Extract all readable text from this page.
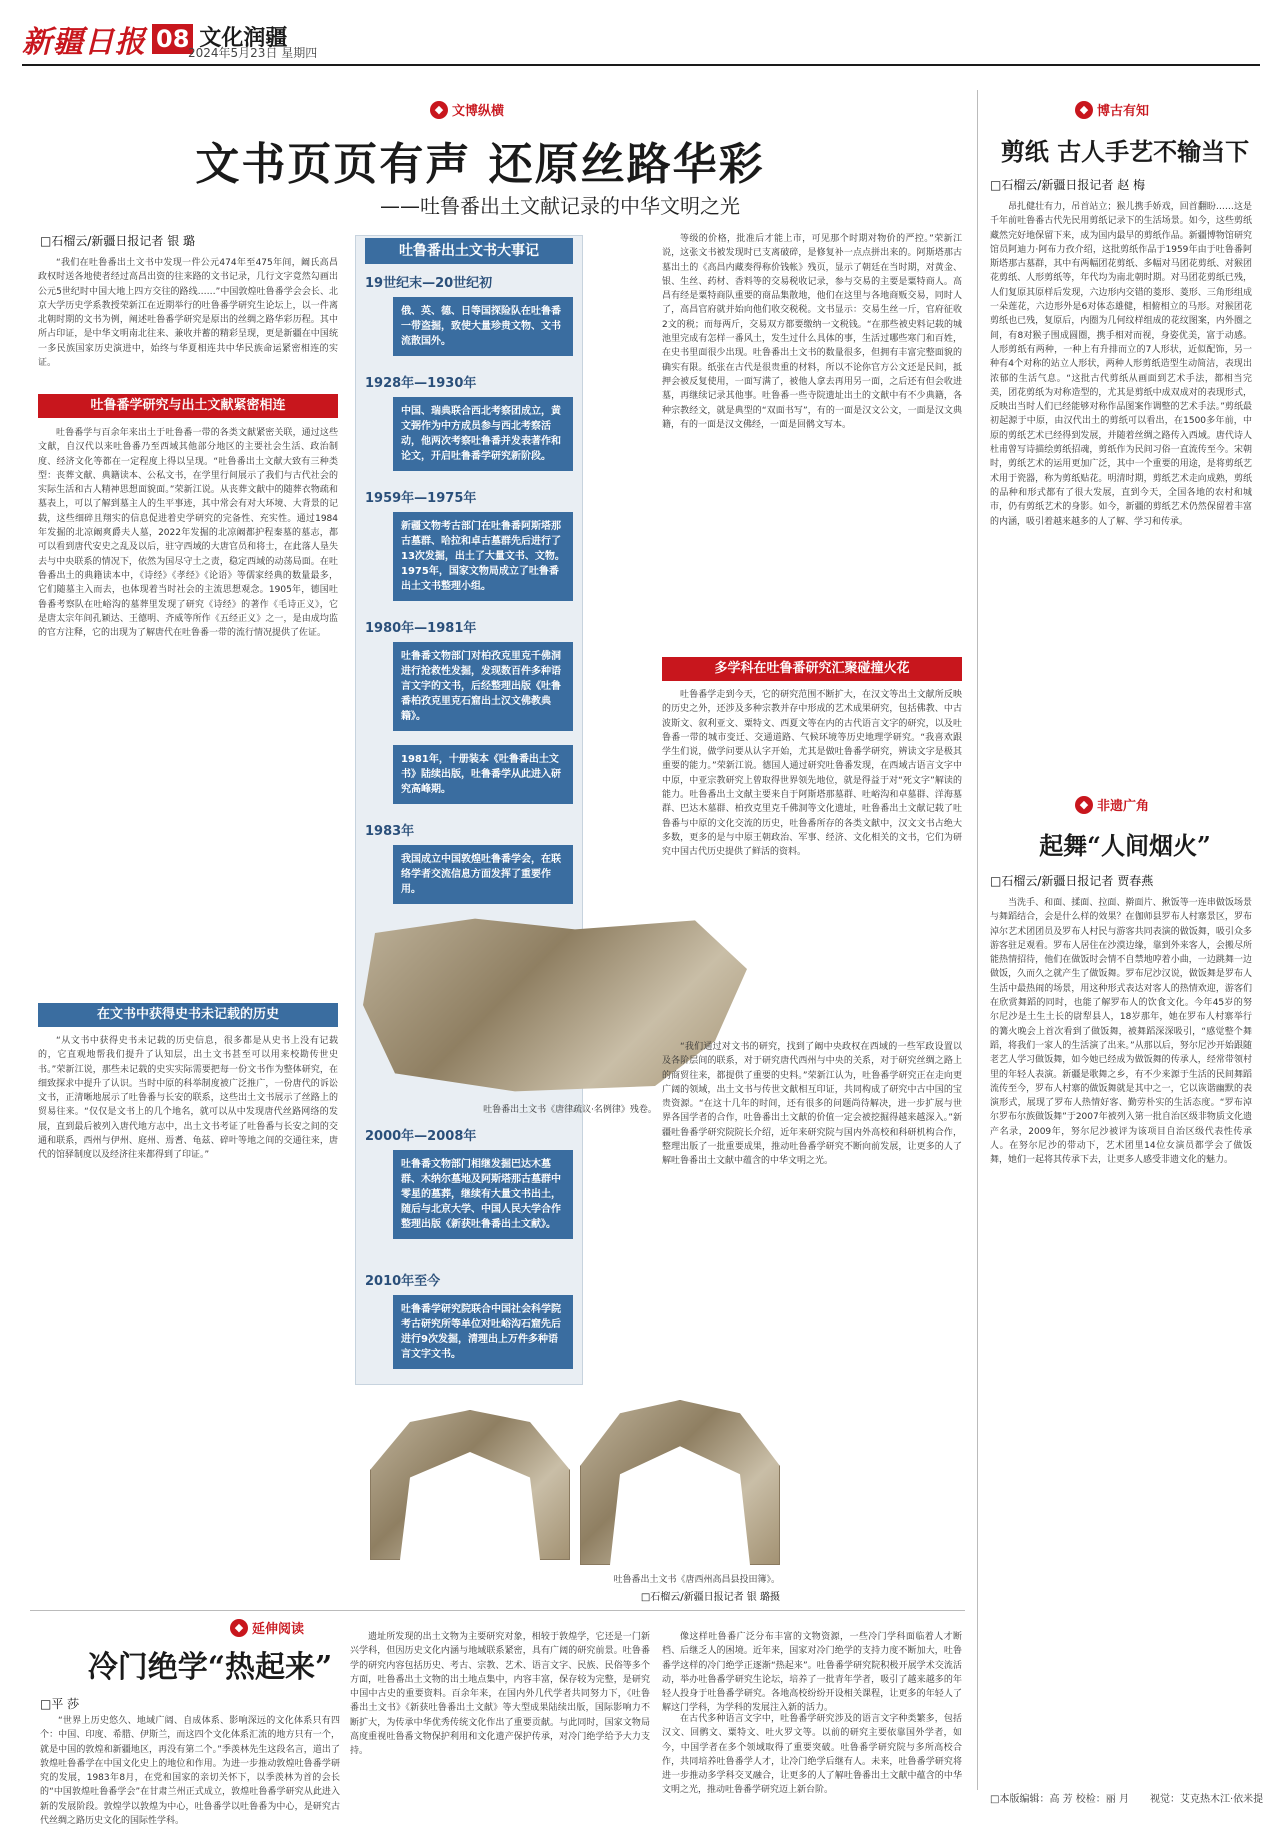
新疆日报 08 文化润疆
2024年5月23日 星期四
◆ 文博纵横
文书页页有声 还原丝路华彩
——吐鲁番出土文献记录的中华文明之光
□石榴云/新疆日报记者 银 璐

“我们在吐鲁番出土文书中发现一件公元474年至475年间，阚氏高昌政权时送各地使者经过高昌出资的往来路的文书记录，几行文字竟然勾画出公元5世纪时中国大地上四方交往的路线……”中国敦煌吐鲁番学会会长、北京大学历史学系教授荣新江在近期举行的吐鲁番学研究生论坛上，以一件离北朝时期的文书为例，阐述吐鲁番学研究是原出的丝绸之路华彩历程。其中所占印证，是中华文明南北往来、兼收并蓄的精彩呈现，更是新疆在中国统一多民族国家历史演进中，始终与华夏相连共中华民族命运紧密相连的实证。

吐鲁番学研究与出土文献紧密相连

吐鲁番学与百余年来出土于吐鲁番一带的各类文献紧密关联，通过这些文献，自汉代以来吐鲁番乃至西域其他部分地区的主要社会生活、政治制度、经济文化等都在一定程度上得以呈现。“吐鲁番出土文献大致有三种类型：丧葬文献、典籍读本、公私文书，在学里行间展示了我们与古代社会的实际生活和古人精神思想面貌面。”荣新江说。从丧葬文献中的随葬衣物疏和墓表上，可以了解到墓主人的生平事迹，其中常会有对大环境、大背景的记载，这些细碎且翔实的信息促进着史学研究的完备性、充实性。通过1984年发掘的北凉阚爽爵夫人墓，2022年发掘的北凉阚都护程秦墓的墓志，都可以看到唐代安史之乱及以后，驻守西域的大唐官员和将士，在此落人垦失去与中央联系的情况下，依然为国尽守土之责，稳定西域的动荡局面。在吐鲁番出土的典籍读本中，《诗经》《孝经》《论语》等儒家经典的数量最多，它们随墓主入而去，也体现着当时社会的主流思想观念。1905年，德国吐鲁番考察队在吐峪沟的墓葬里发现了研究《诗经》的著作《毛诗正义》，它是唐太宗年间孔颖达、王德明、齐威等所作《五经正义》之一，是由成均监的官方注释，它的出现为了解唐代在吐鲁番一带的流行情况提供了佐证。

在文书中获得史书未记载的历史

“从文书中获得史书未记载的历史信息，很多都是从史书上没有记载的，它直观地帮我们提升了认知层，出土文书甚至可以用来校勘传世史书。”荣新江说，那些未记载的史实实际需要把每一份文书作为整体研究，在细致探求中提升了认识。当时中原的科举制度被广泛推广，一份唐代的诉讼文书，正清晰地展示了吐鲁番与长安的联系，这些出土文书展示了丝路上的贸易往来。“仅仅是文书上的几个地名，就可以从中发现唐代丝路网络的发展，直到最后被列入唐代地方志中，出土文书考证了吐鲁番与长安之间的交通和联系，西州与伊州、庭州、焉耆、龟兹、碎叶等地之间的交通往来，唐代的馆驿制度以及经济往来都得到了印证。”

吐鲁番出土文书大事记
19世纪末—20世纪初
俄、英、德、日等国探险队在吐鲁番一带盗掘，致使大量珍贵文物、文书流散国外。
1928年—1930年
中国、瑞典联合西北考察团成立，黄文弼作为中方成员参与西北考察活动，他两次考察吐鲁番并发表著作和论文，开启吐鲁番学研究新阶段。
1959年—1975年
新疆文物考古部门在吐鲁番阿斯塔那古墓群、哈拉和卓古墓群先后进行了13次发掘，出土了大量文书、文物。1975年，国家文物局成立了吐鲁番出土文书整理小组。
1980年—1981年
吐鲁番文物部门对柏孜克里克千佛洞进行抢救性发掘，发现数百件多种语言文字的文书，后经整理出版《吐鲁番柏孜克里克石窟出土汉文佛教典籍》。
1981年，十册装本《吐鲁番出土文书》陆续出版，吐鲁番学从此进入研究高峰期。
1983年
我国成立中国敦煌吐鲁番学会，在联络学者交流信息方面发挥了重要作用。
吐鲁番出土文书《唐律疏议·名例律》残卷。
2000年—2008年
吐鲁番文物部门相继发掘巴达木墓群、木纳尔墓地及阿斯塔那古墓群中零星的墓葬，继续有大量文书出土，随后与北京大学、中国人民大学合作整理出版《新获吐鲁番出土文献》。
2010年至今
吐鲁番学研究院联合中国社会科学院考古研究所等单位对吐峪沟石窟先后进行9次发掘，清理出上万件多种语言文字文书。
吐鲁番出土文书《唐西州高昌县投田簿》。
□石榴云/新疆日报记者 银 璐摄

等级的价格，批准后才能上市，可见那个时期对物价的严控。”荣新江说，这张文书被发现时已支离破碎，是修复补一点点拼出来的。阿斯塔那古墓出土的《高昌内藏奏得称价钱帐》残页，显示了朝廷在当时期，对黄金、银、生丝、药材、香料等的交易税收记录，参与交易的主要是粟特商人。高昌有经是粟特商队重要的商品集散地，他们在这里与各地商贩交易，同时人了，高昌官府就并始向他们收交税税。文书显示：交易生丝一斤，官府征收2文的税；而每两斤，交易双方都要缴纳一文税钱。“在那些被史料记载的城池里完成有怎样一番风土，发生过什么具体的事，生活过哪些寒门和百姓，在史书里面很少出现。吐鲁番出土文书的数量很多，但拥有丰富完整面貌的确实有限。纸张在古代是很贵重的材料，所以不论你官方公文还是民间，抵押会被反复使用，一面写满了，被他人拿去再用另一面，之后还有但会收进墓，再继续记录其他事。吐鲁番一些寺院遗址出土的文献中有不少典籍，各种宗教经文，就是典型的“双面书写”，有的一面是汉文公文，一面是汉文典籍，有的一面是汉文佛经，一面是回鹘文写本。

多学科在吐鲁番研究汇聚碰撞火花

吐鲁番学走到今天，它的研究范围不断扩大，在汉文等出土文献所反映的历史之外，还涉及多种宗教并存中形成的艺术成果研究，包括佛教、中古波斯文、叙利亚文、粟特文、西夏文等在内的古代语言文字的研究，以及吐鲁番一带的城市变迁、交通道路、气候环境等历史地理学研究。“我喜欢跟学生们说，做学问要从认字开始，尤其是做吐鲁番学研究，辨读文字是极其重要的能力。”荣新江说。德国人通过研究吐鲁番发现，在西域古语言文字中中原，中亚宗教研究上曾取得世界领先地位，就是得益于对“死文字”解读的能力。吐鲁番出土文献主要来自于阿斯塔那墓群、吐峪沟和卓墓群、洋海墓群、巴达木墓群、柏孜克里克千佛洞等文化遗址，吐鲁番出土文献记载了吐鲁番与中原的文化交流的历史，吐鲁番所存的各类文献中，汉文文书占绝大多数，更多的是与中原王朝政治、军事、经济、文化相关的文书，它们为研究中国古代历史提供了鲜活的资料。

“我们通过对文书的研究，找到了阚中央政权在西域的一些军政设置以及各阶层间的联系，对于研究唐代西州与中央的关系，对于研究丝绸之路上的商贸往来，都提供了重要的史料。”荣新江认为，吐鲁番学研究正在走向更广阔的领域，出土文书与传世文献相互印证，共同构成了研究中古中国的宝贵资源。“在这十几年的时间，还有很多的问题尚待解决，进一步扩展与世界各国学者的合作，吐鲁番出土文献的价值一定会被挖掘得越来越深入。”新疆吐鲁番学研究院院长介绍，近年来研究院与国内外高校和科研机构合作，整理出版了一批重要成果，推动吐鲁番学研究不断向前发展，让更多的人了解吐鲁番出土文献中蕴含的中华文明之光。

◆ 博古有知
剪纸 古人手艺不输当下
□石榴云/新疆日报记者 赵 梅

昂扎健壮有力，吊首站立；猴儿携手娇戏，回首翻盼……这是千年前吐鲁番古代先民用剪纸记录下的生活场景。如今，这些剪纸藏然完好地保留下来，成为国内最早的剪纸作品。新疆博物馆研究馆员阿迪力·阿布力孜介绍，这批剪纸作品于1959年由于吐鲁番阿斯塔那古墓群，其中有两幅团花剪纸、多幅对马团花剪纸、对猴团花剪纸、人形剪纸等，年代均为南北朝时期。对马团花剪纸已残，人们复原其原样后发现，六边形内交错的菱形、菱形、三角形组成一朵莲花，六边形外是6对体态雄健，相俯相立的马形。对猴团花剪纸也已残，复原后，内圈为几何纹样组成的花纹图案，内外圈之间，有8对猴子围成圆圈，携手相对而视，身姿优美，富于动感。人形剪纸有两种，一种上有升排而立的7人形状，近似配饰，另一种有4个对称的站立人形状，两种人形剪纸造型生动简洁，表现出浓郁的生活气息。“这批古代剪纸从画面到艺术手法，都相当完美，团花剪纸为对称造型的，尤其是剪纸中成双成对的表现形式，反映出当时人们已经能够对称作品图案作调整的艺术手法。”剪纸最初起源于中原，由汉代出土的剪纸可以看出，在1500多年前，中原的剪纸艺术已经得到发展，并随着丝绸之路传入西域。唐代诗人杜甫曾写诗描绘剪纸招魂，剪纸作为民间习俗一直流传至今。宋朝时，剪纸艺术的运用更加广泛，其中一个重要的用途，是将剪纸艺术用于瓷器，称为剪纸贴花。明清时期，剪纸艺术走向成熟，剪纸的品种和形式都有了很大发展，直到今天，全国各地的农村和城市，仍有剪纸艺术的身影。如今，新疆的剪纸艺术仍然保留着丰富的内涵，吸引着越来越多的人了解、学习和传承。

◆ 非遗广角
起舞“人间烟火”
□石榴云/新疆日报记者 贾春燕

当洗手、和面、揉面、拉面、擀面片、揪饭等一连串做饭场景与舞蹈结合，会是什么样的效果？在伽师县罗布人村寨景区，罗布淖尔艺术团团员及罗布人村民与游客共同表演的做饭舞，吸引众多游客驻足观看。罗布人居住在沙漠边缘，靠到外来客人，会搬尽所能热情招待，他们在做饭时会情不自禁地哼着小曲，一边跳舞一边做饭，久而久之就产生了做饭舞。罗布尼沙汉说，做饭舞是罗布人生活中最热闹的场景，用这种形式表达对客人的热情欢迎，游客们在欣赏舞蹈的同时，也能了解罗布人的饮食文化。今年45岁的努尔尼沙是土生土长的尉犁县人，18岁那年，她在罗布人村寨举行的篝火晚会上首次看到了做饭舞，被舞蹈深深吸引，“感觉整个舞蹈，将我们一家人的生活演了出来。”从那以后，努尔尼沙开始跟随老艺人学习做饭舞，如今她已经成为做饭舞的传承人，经常带领村里的年轻人表演。新疆是歌舞之乡，有不少来源于生活的民间舞蹈流传至今，罗布人村寨的做饭舞就是其中之一，它以诙谐幽默的表演形式，展现了罗布人热情好客、勤劳朴实的生活态度。“罗布淖尔罗布尔族做饭舞”于2007年被列入第一批自治区级非物质文化遗产名录，2009年，努尔尼沙被评为该项目自治区级代表性传承人。在努尔尼沙的带动下，艺术团里14位女演员都学会了做饭舞，她们一起将其传承下去，让更多人感受非遗文化的魅力。

◆ 延伸阅读
冷门绝学“热起来”
□平 莎

“世界上历史悠久、地域广阔、自成体系、影响深远的文化体系只有四个：中国、印度、希腊、伊斯兰，而这四个文化体系汇流的地方只有一个，就是中国的敦煌和新疆地区，再没有第二个。”季羡林先生这段名言，道出了敦煌吐鲁番学在中国文化史上的地位和作用。为进一步推动敦煌吐鲁番学研究的发展，1983年8月，在党和国家的亲切关怀下，以季羡林为首的会长的“中国敦煌吐鲁番学会”在甘肃兰州正式成立，敦煌吐鲁番学研究从此进入新的发展阶段。敦煌学以敦煌为中心，吐鲁番学以吐鲁番为中心，是研究古代丝绸之路历史文化的国际性学科。

遗址所发现的出土文物为主要研究对象，相较于敦煌学，它还是一门新兴学科，但因历史文化内涵与地域联系紧密，具有广阔的研究前景。吐鲁番学的研究内容包括历史、考古、宗教、艺术、语言文字、民族、民俗等多个方面，吐鲁番出土文物的出土地点集中，内容丰富，保存较为完整，是研究中国中古史的重要资料。百余年来，在国内外几代学者共同努力下，《吐鲁番出土文书》《新获吐鲁番出土文献》等大型成果陆续出版，国际影响力不断扩大，为传承中华优秀传统文化作出了重要贡献。与此同时，国家文物局高度重视吐鲁番文物保护利用和文化遗产保护传承，对冷门绝学给予大力支持。

像这样吐鲁番广泛分布丰富的文物资源，一些冷门学科面临着人才断档、后继乏人的困境。近年来，国家对冷门绝学的支持力度不断加大，吐鲁番学这样的冷门绝学正逐渐“热起来”。吐鲁番学研究院积极开展学术交流活动，举办吐鲁番学研究生论坛，培养了一批青年学者，吸引了越来越多的年轻人投身于吐鲁番学研究。各地高校纷纷开设相关课程，让更多的年轻人了解这门学科，为学科的发展注入新的活力。

在古代多种语言文字中，吐鲁番学研究涉及的语言文字种类繁多，包括汉文、回鹘文、粟特文、吐火罗文等。以前的研究主要依靠国外学者，如今，中国学者在多个领域取得了重要突破。吐鲁番学研究院与多所高校合作，共同培养吐鲁番学人才，让冷门绝学后继有人。未来，吐鲁番学研究将进一步推动多学科交叉融合，让更多的人了解吐鲁番出土文献中蕴含的中华文明之光，推动吐鲁番学研究迈上新台阶。

□本版编辑：高 芳 校检：丽 月 视觉：艾克热木江·依米提
